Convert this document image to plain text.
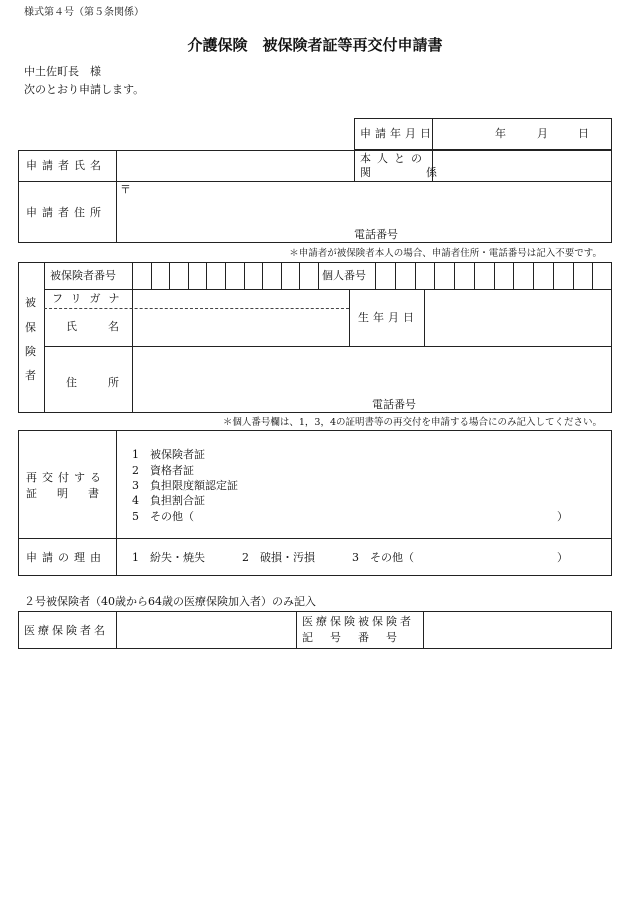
様式第４号（第５条関係）
介護保険　被保険者証等再交付申請書
中土佐町長　様
次のとおり申請します。
申請年月日	年	月	日
申請者氏名
本人との
関　係
申請者住所
〒
電話番号
＊申請者が被保険者本人の場合、申請者住所・電話番号は記入不要です。
被
保
険
者
被保険者番号	個人番号
フリガナ
氏　名
生年月日
住　所
電話番号
＊個人番号欄は、1，3，4の証明書等の再交付を申請する場合にのみ記入してください。
再交付する
証明書
1　被保険者証
2　資格者証
3　負担限度額認定証
4　負担割合証
5　その他（	）
申請の理由 1　紛失・焼失	2　破損・汚損	3　その他（	）
２号被保険者（40歳から64歳の医療保険加入者）のみ記入
医療保険者名
医療保険被保険者
記　号　番　号
